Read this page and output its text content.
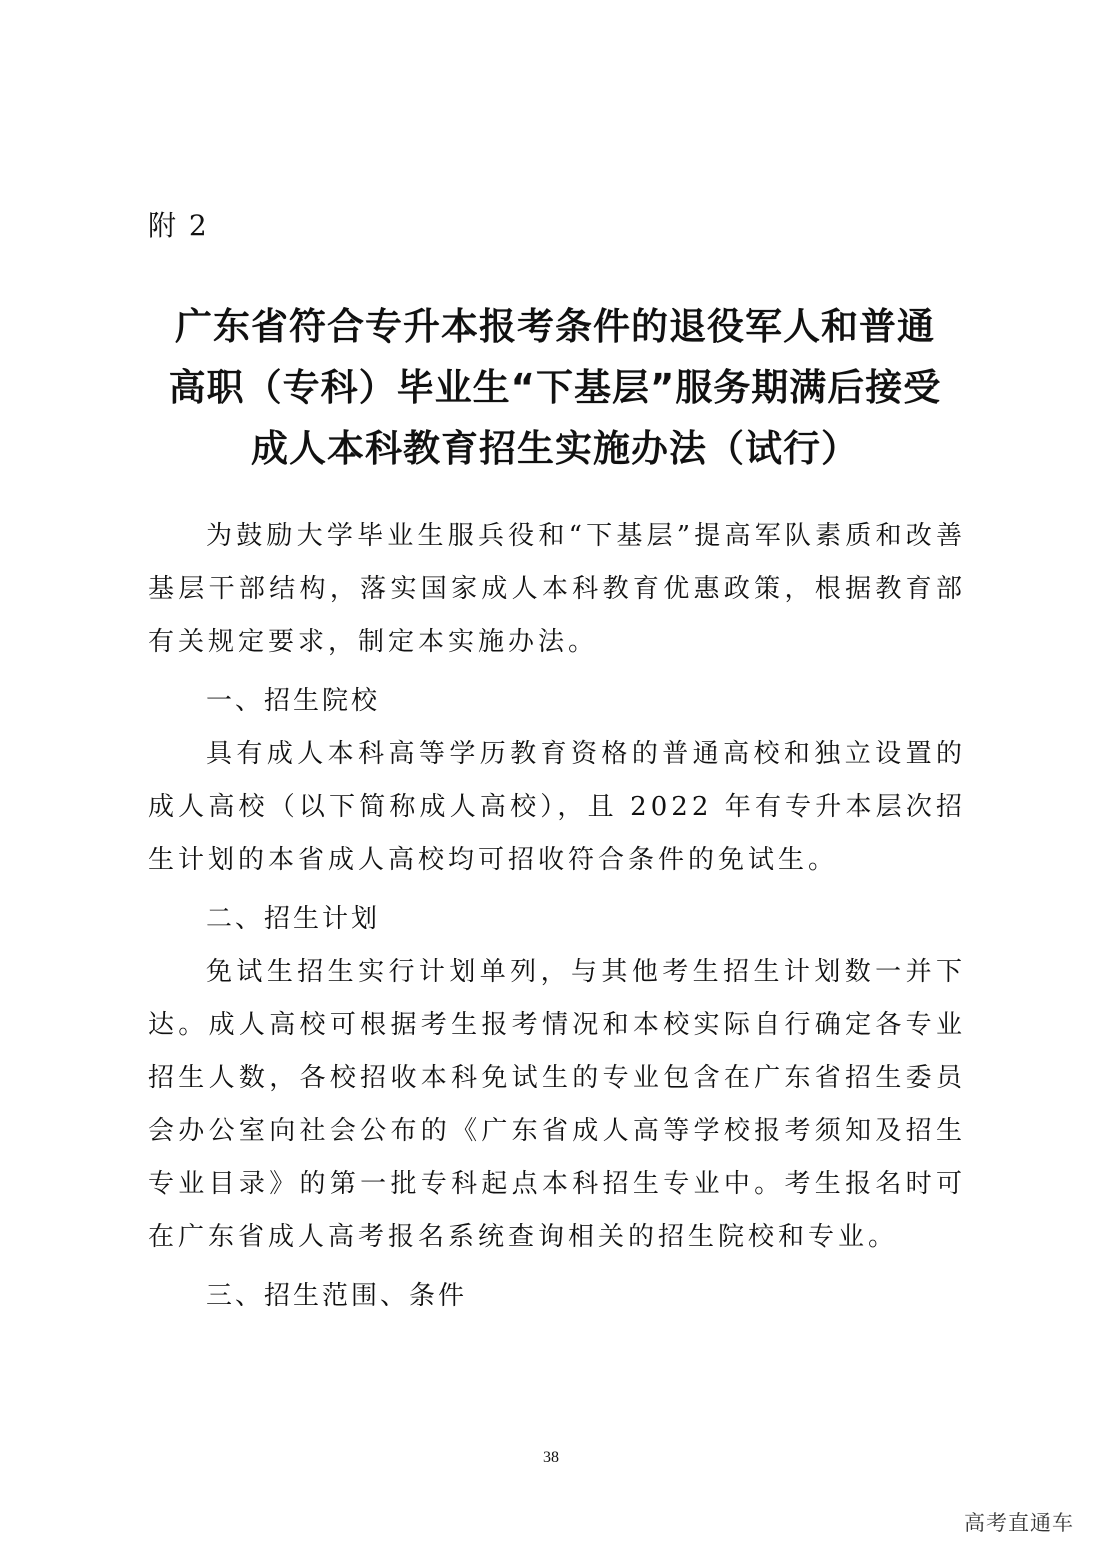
附 2
广东省符合专升本报考条件的退役军人和普通
高职（专科）毕业生“下基层”服务期满后接受
成人本科教育招生实施办法（试行）

为鼓励大学毕业生服兵役和“下基层”提高军队素质和改善基层干部结构，落实国家成人本科教育优惠政策，根据教育部有关规定要求，制定本实施办法。

一、招生院校

具有成人本科高等学历教育资格的普通高校和独立设置的成人高校（以下简称成人高校），且 2022 年有专升本层次招生计划的本省成人高校均可招收符合条件的免试生。

二、招生计划

免试生招生实行计划单列，与其他考生招生计划数一并下达。成人高校可根据考生报考情况和本校实际自行确定各专业招生人数，各校招收本科免试生的专业包含在广东省招生委员会办公室向社会公布的《广东省成人高等学校报考须知及招生专业目录》的第一批专科起点本科招生专业中。考生报名时可在广东省成人高考报名系统查询相关的招生院校和专业。

三、招生范围、条件

38
高考直通车
